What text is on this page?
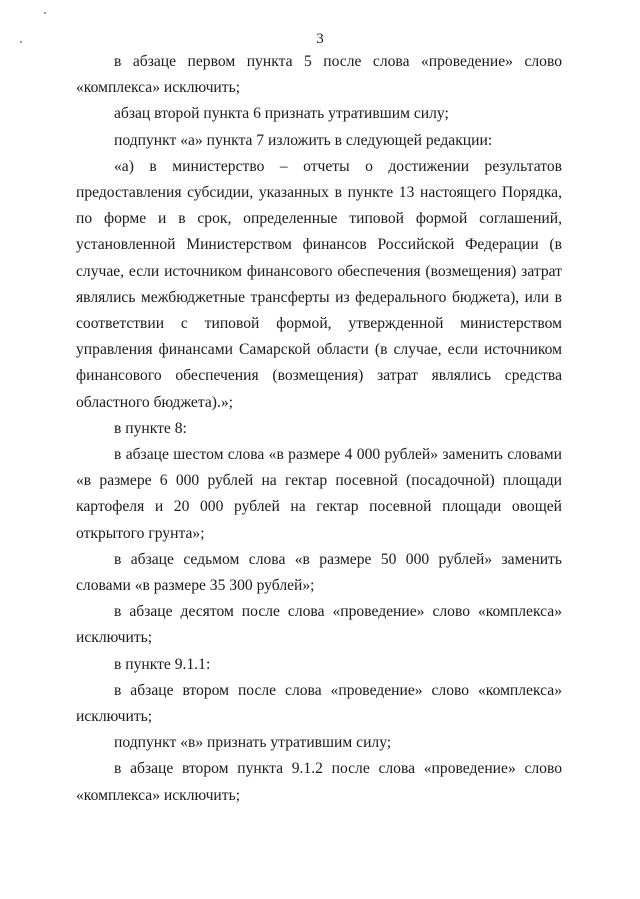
3

в абзаце первом пункта 5 после слова «проведение» слово «комплекса» исключить;

абзац второй пункта 6 признать утратившим силу;

подпункт «а» пункта 7 изложить в следующей редакции:

«а) в министерство – отчеты о достижении результатов предоставления субсидии, указанных в пункте 13 настоящего Порядка, по форме и в срок, определенные типовой формой соглашений, установленной Министерством финансов Российской Федерации (в случае, если источником финансового обеспечения (возмещения) затрат являлись межбюджетные трансферты из федерального бюджета), или в соответствии с типовой формой, утвержденной министерством управления финансами Самарской области (в случае, если источником финансового обеспечения (возмещения) затрат являлись средства областного бюджета).»;

в пункте 8:

в абзаце шестом слова «в размере 4 000 рублей» заменить словами «в размере 6 000 рублей на гектар посевной (посадочной) площади картофеля и 20 000 рублей на гектар посевной площади овощей открытого грунта»;

в абзаце седьмом слова «в размере 50 000 рублей» заменить словами «в размере 35 300 рублей»;

в абзаце десятом после слова «проведение» слово «комплекса» исключить;

в пункте 9.1.1:

в абзаце втором после слова «проведение» слово «комплекса» исключить;

подпункт «в» признать утратившим силу;

в абзаце втором пункта 9.1.2 после слова «проведение» слово «комплекса» исключить;
